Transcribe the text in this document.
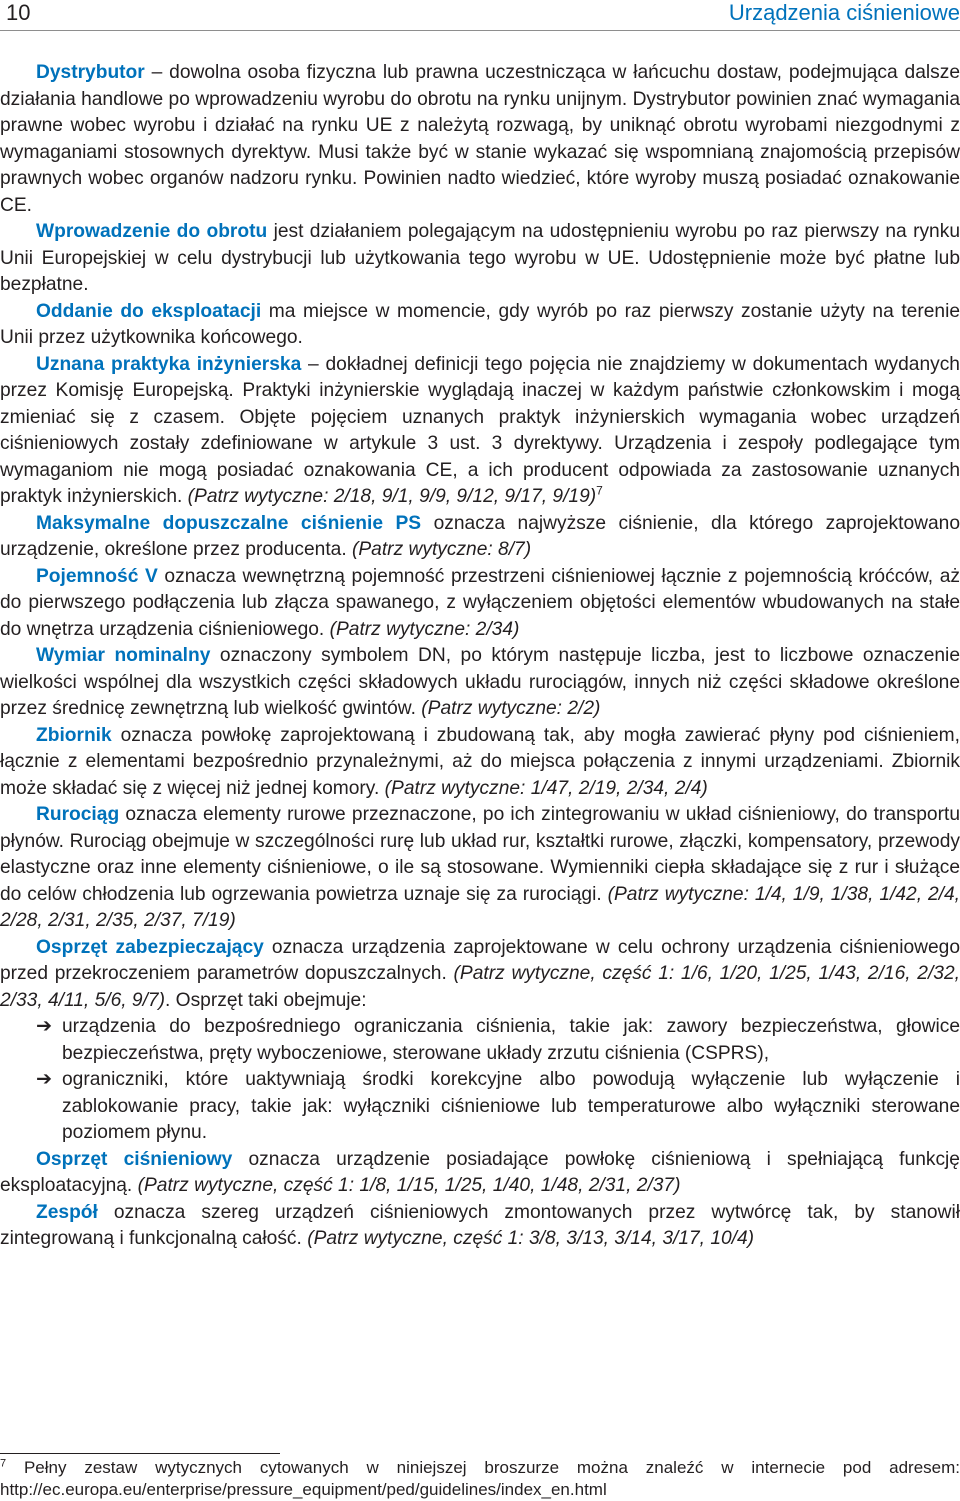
10	Urządzenia ciśnieniowe

Dystrybutor – dowolna osoba fizyczna lub prawna uczestnicząca w łańcuchu dostaw, podejmująca dalsze działania handlowe po wprowadzeniu wyrobu do obrotu na rynku unijnym. Dystrybutor powinien znać wymagania prawne wobec wyrobu i działać na rynku UE z należytą rozwagą, by uniknąć obrotu wyrobami niezgodnymi z wymaganiami stosownych dyrektyw. Musi także być w stanie wykazać się wspomnianą znajomością przepisów prawnych wobec organów nadzoru rynku. Powinien nadto wiedzieć, które wyroby muszą posiadać oznakowanie CE.

Wprowadzenie do obrotu jest działaniem polegającym na udostępnieniu wyrobu po raz pierwszy na rynku Unii Europejskiej w celu dystrybucji lub użytkowania tego wyrobu w UE. Udostępnienie może być płatne lub bezpłatne.

Oddanie do eksploatacji ma miejsce w momencie, gdy wyrób po raz pierwszy zostanie użyty na terenie Unii przez użytkownika końcowego.

Uznana praktyka inżynierska – dokładnej definicji tego pojęcia nie znajdziemy w dokumentach wydanych przez Komisję Europejską. Praktyki inżynierskie wyglądają inaczej w każdym państwie członkowskim i mogą zmieniać się z czasem. Objęte pojęciem uznanych praktyk inżynierskich wymagania wobec urządzeń ciśnieniowych zostały zdefiniowane w artykule 3 ust. 3 dyrektywy. Urządzenia i zespoły podlegające tym wymaganiom nie mogą posiadać oznakowania CE, a ich producent odpowiada za zastosowanie uznanych praktyk inżynierskich. (Patrz wytyczne: 2/18, 9/1, 9/9, 9/12, 9/17, 9/19)$^7$

Maksymalne dopuszczalne ciśnienie PS oznacza najwyższe ciśnienie, dla którego zaprojektowano urządzenie, określone przez producenta. (Patrz wytyczne: 8/7)

Pojemność V oznacza wewnętrzną pojemność przestrzeni ciśnieniowej łącznie z pojemnością króćców, aż do pierwszego podłączenia lub złącza spawanego, z wyłączeniem objętości elementów wbudowanych na stałe do wnętrza urządzenia ciśnieniowego. (Patrz wytyczne: 2/34)

Wymiar nominalny oznaczony symbolem DN, po którym następuje liczba, jest to liczbowe oznaczenie wielkości wspólnej dla wszystkich części składowych układu rurociągów, innych niż części składowe określone przez średnicę zewnętrzną lub wielkość gwintów. (Patrz wytyczne: 2/2)

Zbiornik oznacza powłokę zaprojektowaną i zbudowaną tak, aby mogła zawierać płyny pod ciśnieniem, łącznie z elementami bezpośrednio przynależnymi, aż do miejsca połączenia z innymi urządzeniami. Zbiornik może składać się z więcej niż jednej komory. (Patrz wytyczne: 1/47, 2/19, 2/34, 2/4)

Rurociąg oznacza elementy rurowe przeznaczone, po ich zintegrowaniu w układ ciśnieniowy, do transportu płynów. Rurociąg obejmuje w szczególności rurę lub układ rur, kształtki rurowe, złączki, kompensatory, przewody elastyczne oraz inne elementy ciśnieniowe, o ile są stosowane. Wymienniki ciepła składające się z rur i służące do celów chłodzenia lub ogrzewania powietrza uznaje się za rurociągi. (Patrz wytyczne: 1/4, 1/9, 1/38, 1/42, 2/4, 2/28, 2/31, 2/35, 2/37, 7/19)

Osprzęt zabezpieczający oznacza urządzenia zaprojektowane w celu ochrony urządzenia ciśnieniowego przed przekroczeniem parametrów dopuszczalnych. (Patrz wytyczne, część 1: 1/6, 1/20, 1/25, 1/43, 2/16, 2/32, 2/33, 4/11, 5/6, 9/7). Osprzęt taki obejmuje:

➔ urządzenia do bezpośredniego ograniczania ciśnienia, takie jak: zawory bezpieczeństwa, głowice bezpieczeństwa, pręty wyboczeniowe, sterowane układy zrzutu ciśnienia (CSPRS),
➔ ograniczniki, które uaktywniają środki korekcyjne albo powodują wyłączenie lub wyłączenie i zablokowanie pracy, takie jak: wyłączniki ciśnieniowe lub temperaturowe albo wyłączniki sterowane poziomem płynu.

Osprzęt ciśnieniowy oznacza urządzenie posiadające powłokę ciśnieniową i spełniającą funkcję eksploatacyjną. (Patrz wytyczne, część 1: 1/8, 1/15, 1/25, 1/40, 1/48, 2/31, 2/37)

Zespół oznacza szereg urządzeń ciśnieniowych zmontowanych przez wytwórcę tak, by stanowił zintegrowaną i funkcjonalną całość. (Patrz wytyczne, część 1: 3/8, 3/13, 3/14, 3/17, 10/4)

$^7$ Pełny zestaw wytycznych cytowanych w niniejszej broszurze można znaleźć w internecie pod adresem: http://ec.europa.eu/enterprise/pressure_equipment/ped/guidelines/index_en.html
